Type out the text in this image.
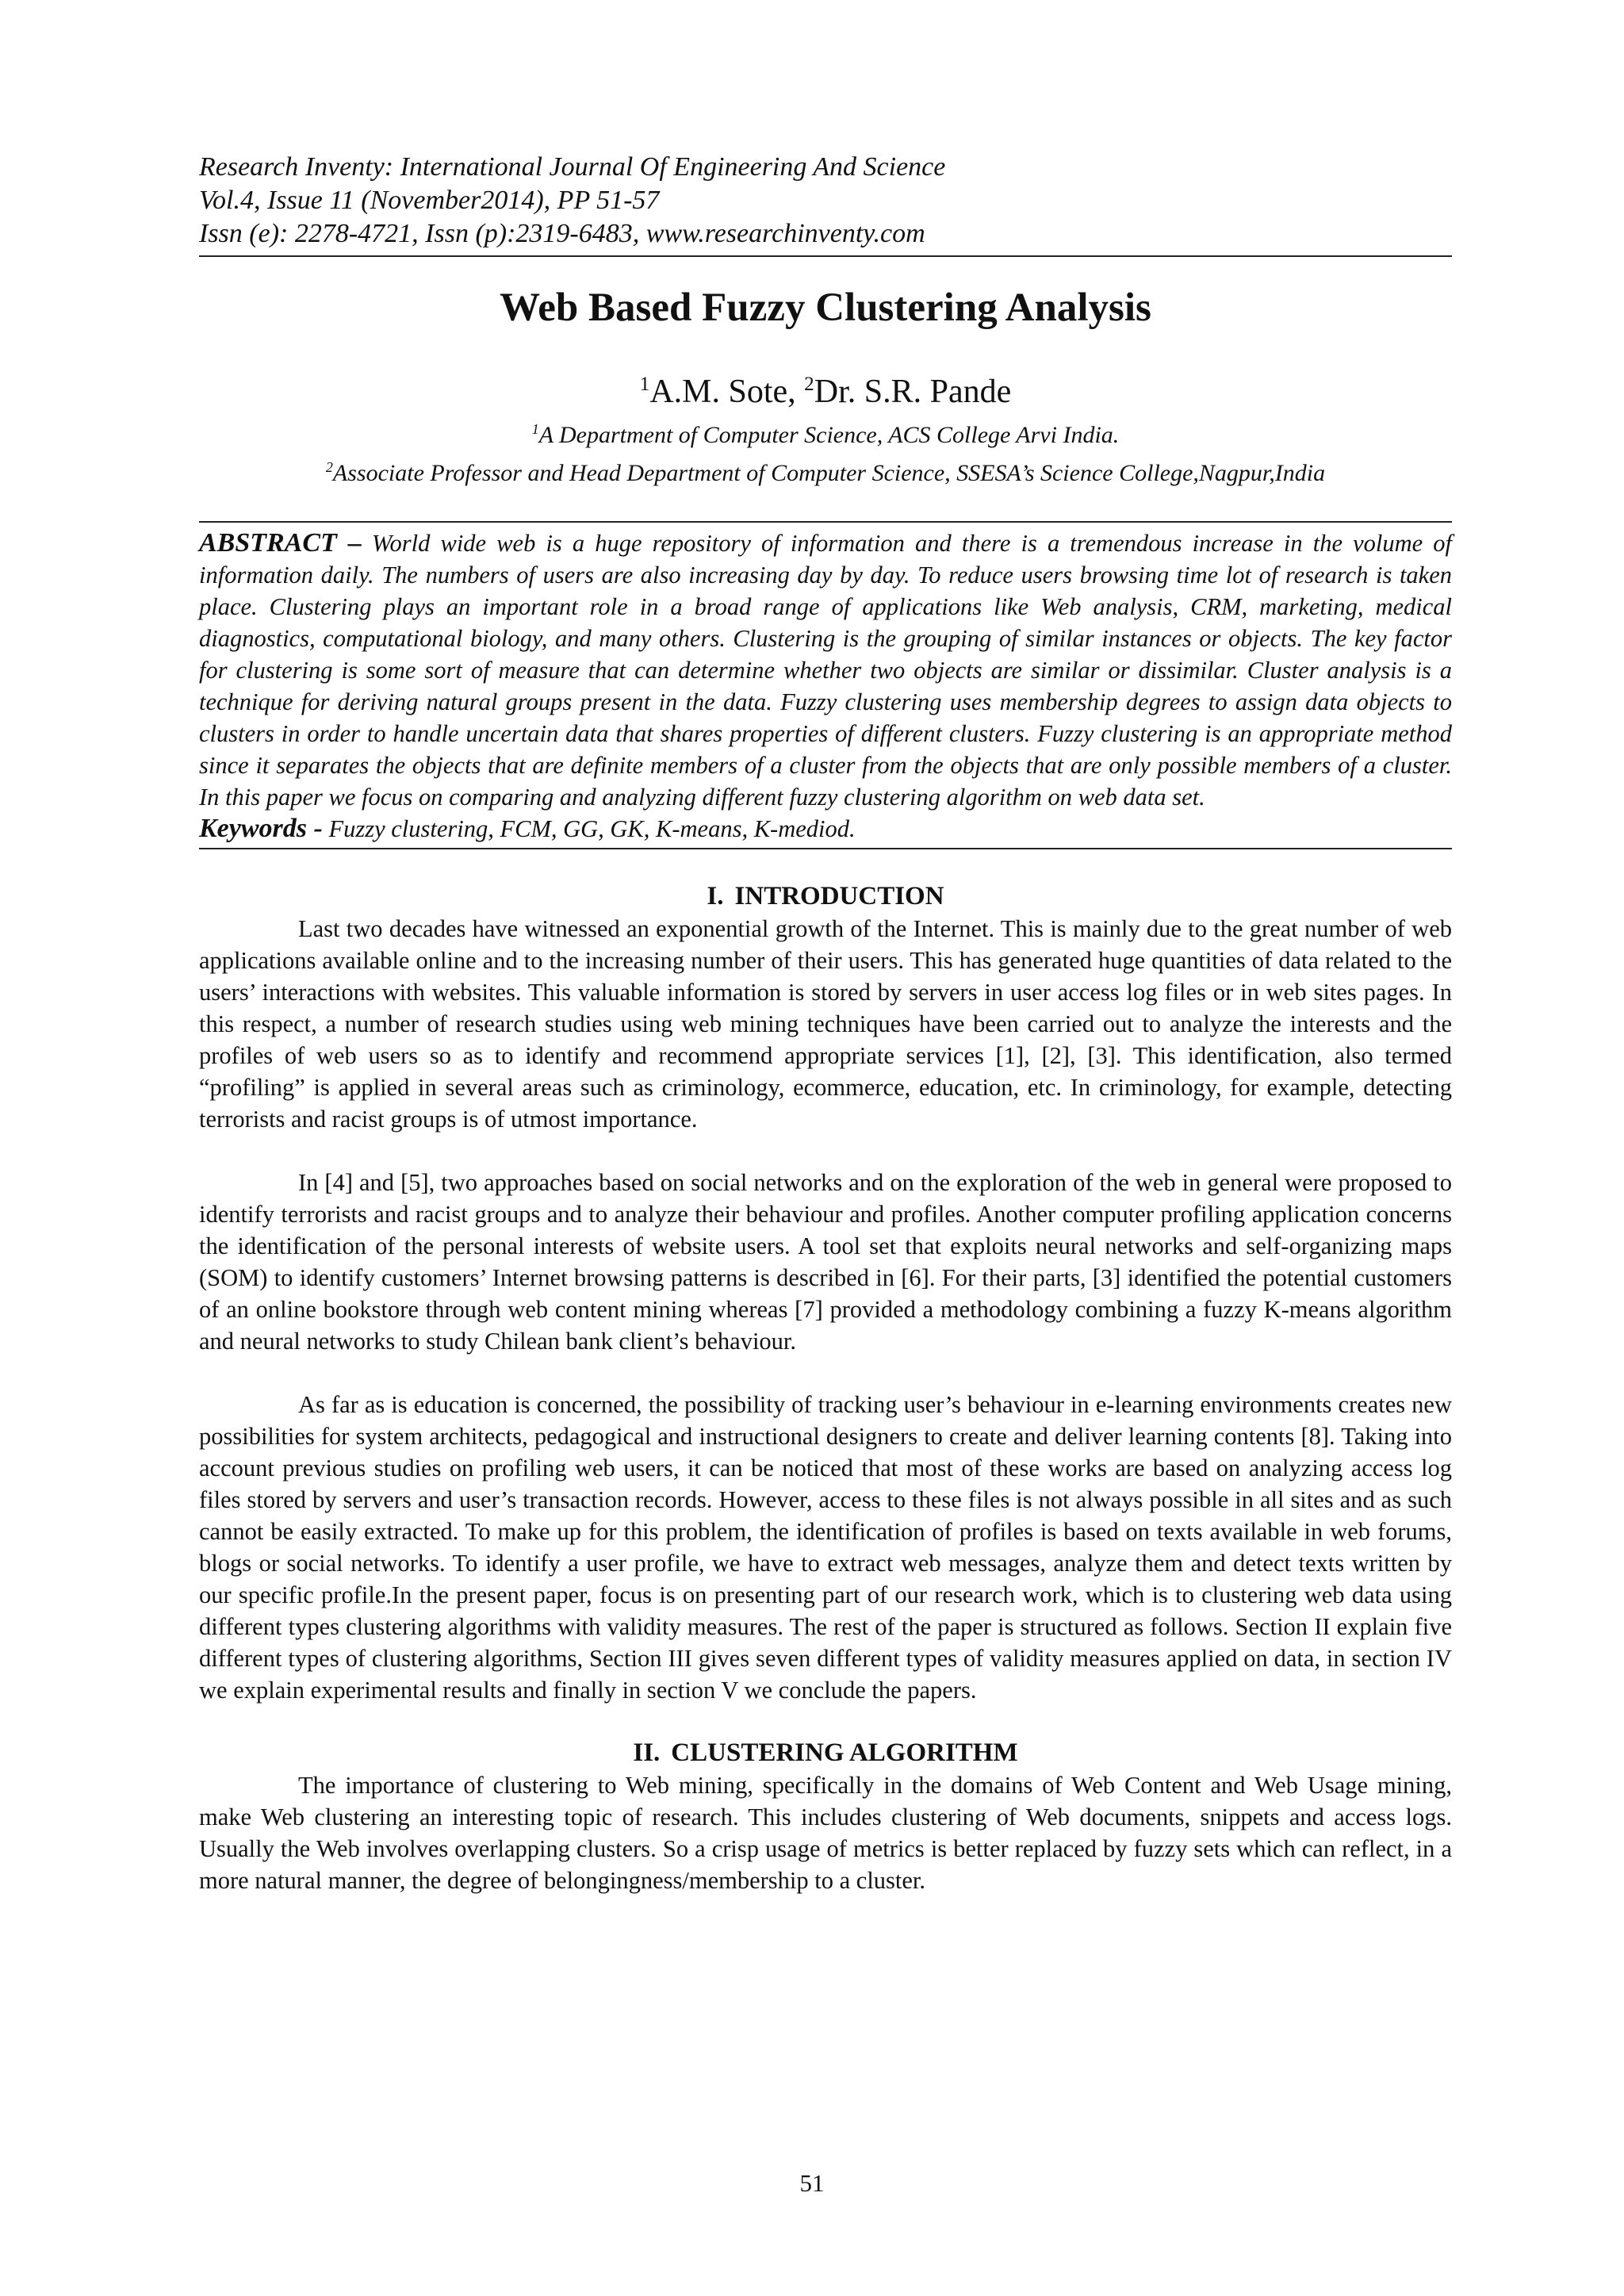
Research Inventy: International Journal Of Engineering And Science
Vol.4, Issue 11 (November2014), PP 51-57
Issn (e): 2278-4721, Issn (p):2319-6483, www.researchinventy.com
Web Based Fuzzy Clustering Analysis
$^1$A.M. Sote, $^2$Dr. S.R. Pande
$^1$A Department of Computer Science, ACS College Arvi India.
$^2$Associate Professor and Head Department of Computer Science, SSESA’s Science College,Nagpur,India
ABSTRACT – World wide web is a huge repository of information and there is a tremendous increase in the volume of information daily. The numbers of users are also increasing day by day. To reduce users browsing time lot of research is taken place. Clustering plays an important role in a broad range of applications like Web analysis, CRM, marketing, medical diagnostics, computational biology, and many others. Clustering is the grouping of similar instances or objects. The key factor for clustering is some sort of measure that can determine whether two objects are similar or dissimilar. Cluster analysis is a technique for deriving natural groups present in the data. Fuzzy clustering uses membership degrees to assign data objects to clusters in order to handle uncertain data that shares properties of different clusters. Fuzzy clustering is an appropriate method since it separates the objects that are definite members of a cluster from the objects that are only possible members of a cluster. In this paper we focus on comparing and analyzing different fuzzy clustering algorithm on web data set.
Keywords - Fuzzy clustering, FCM, GG, GK, K-means, K-mediod.
I. INTRODUCTION

Last two decades have witnessed an exponential growth of the Internet. This is mainly due to the great number of web applications available online and to the increasing number of their users. This has generated huge quantities of data related to the users’ interactions with websites. This valuable information is stored by servers in user access log files or in web sites pages. In this respect, a number of research studies using web mining techniques have been carried out to analyze the interests and the profiles of web users so as to identify and recommend appropriate services [1], [2], [3]. This identification, also termed “profiling” is applied in several areas such as criminology, ecommerce, education, etc. In criminology, for example, detecting terrorists and racist groups is of utmost importance.

In [4] and [5], two approaches based on social networks and on the exploration of the web in general were proposed to identify terrorists and racist groups and to analyze their behaviour and profiles. Another computer profiling application concerns the identification of the personal interests of website users. A tool set that exploits neural networks and self-organizing maps (SOM) to identify customers’ Internet browsing patterns is described in [6]. For their parts, [3] identified the potential customers of an online bookstore through web content mining whereas [7] provided a methodology combining a fuzzy K-means algorithm and neural networks to study Chilean bank client’s behaviour.

As far as is education is concerned, the possibility of tracking user’s behaviour in e-learning environments creates new possibilities for system architects, pedagogical and instructional designers to create and deliver learning contents [8]. Taking into account previous studies on profiling web users, it can be noticed that most of these works are based on analyzing access log files stored by servers and user’s transaction records. However, access to these files is not always possible in all sites and as such cannot be easily extracted. To make up for this problem, the identification of profiles is based on texts available in web forums, blogs or social networks. To identify a user profile, we have to extract web messages, analyze them and detect texts written by our specific profile.In the present paper, focus is on presenting part of our research work, which is to clustering web data using different types clustering algorithms with validity measures. The rest of the paper is structured as follows. Section II explain five different types of clustering algorithms, Section III gives seven different types of validity measures applied on data, in section IV we explain experimental results and finally in section V we conclude the papers.

II. CLUSTERING ALGORITHM

The importance of clustering to Web mining, specifically in the domains of Web Content and Web Usage mining, make Web clustering an interesting topic of research. This includes clustering of Web documents, snippets and access logs. Usually the Web involves overlapping clusters. So a crisp usage of metrics is better replaced by fuzzy sets which can reflect, in a more natural manner, the degree of belongingness/membership to a cluster.

51
